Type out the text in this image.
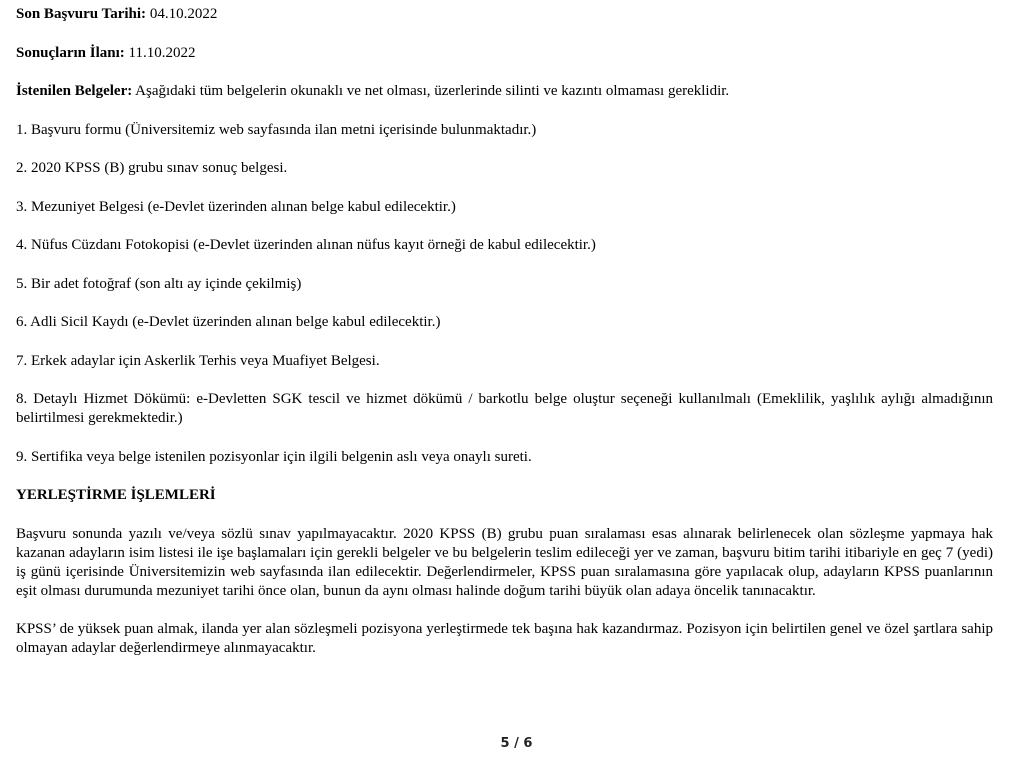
Son Başvuru Tarihi: 04.10.2022

Sonuçların İlanı: 11.10.2022

İstenilen Belgeler: Aşağıdaki tüm belgelerin okunaklı ve net olması, üzerlerinde silinti ve kazıntı olmaması gereklidir.

1. Başvuru formu (Üniversitemiz web sayfasında ilan metni içerisinde bulunmaktadır.)

2. 2020 KPSS (B) grubu sınav sonuç belgesi.

3. Mezuniyet Belgesi (e-Devlet üzerinden alınan belge kabul edilecektir.)

4. Nüfus Cüzdanı Fotokopisi (e-Devlet üzerinden alınan nüfus kayıt örneği de kabul edilecektir.)

5. Bir adet fotoğraf (son altı ay içinde çekilmiş)

6. Adli Sicil Kaydı (e-Devlet üzerinden alınan belge kabul edilecektir.)

7. Erkek adaylar için Askerlik Terhis veya Muafiyet Belgesi.

8. Detaylı Hizmet Dökümü: e-Devletten SGK tescil ve hizmet dökümü / barkotlu belge oluştur seçeneği kullanılmalı (Emeklilik, yaşlılık aylığı almadığının belirtilmesi gerekmektedir.)

9. Sertifika veya belge istenilen pozisyonlar için ilgili belgenin aslı veya onaylı sureti.

YERLEŞTİRME İŞLEMLERİ

Başvuru sonunda yazılı ve/veya sözlü sınav yapılmayacaktır. 2020 KPSS (B) grubu puan sıralaması esas alınarak belirlenecek olan sözleşme yapmaya hak kazanan adayların isim listesi ile işe başlamaları için gerekli belgeler ve bu belgelerin teslim edileceği yer ve zaman, başvuru bitim tarihi itibariyle en geç 7 (yedi) iş günü içerisinde Üniversitemizin web sayfasında ilan edilecektir. Değerlendirmeler, KPSS puan sıralamasına göre yapılacak olup, adayların KPSS puanlarının eşit olması durumunda mezuniyet tarihi önce olan, bunun da aynı olması halinde doğum tarihi büyük olan adaya öncelik tanınacaktır.

KPSS’ de yüksek puan almak, ilanda yer alan sözleşmeli pozisyona yerleştirmede tek başına hak kazandırmaz. Pozisyon için belirtilen genel ve özel şartlara sahip olmayan adaylar değerlendirmeye alınmayacaktır.

5 / 6
